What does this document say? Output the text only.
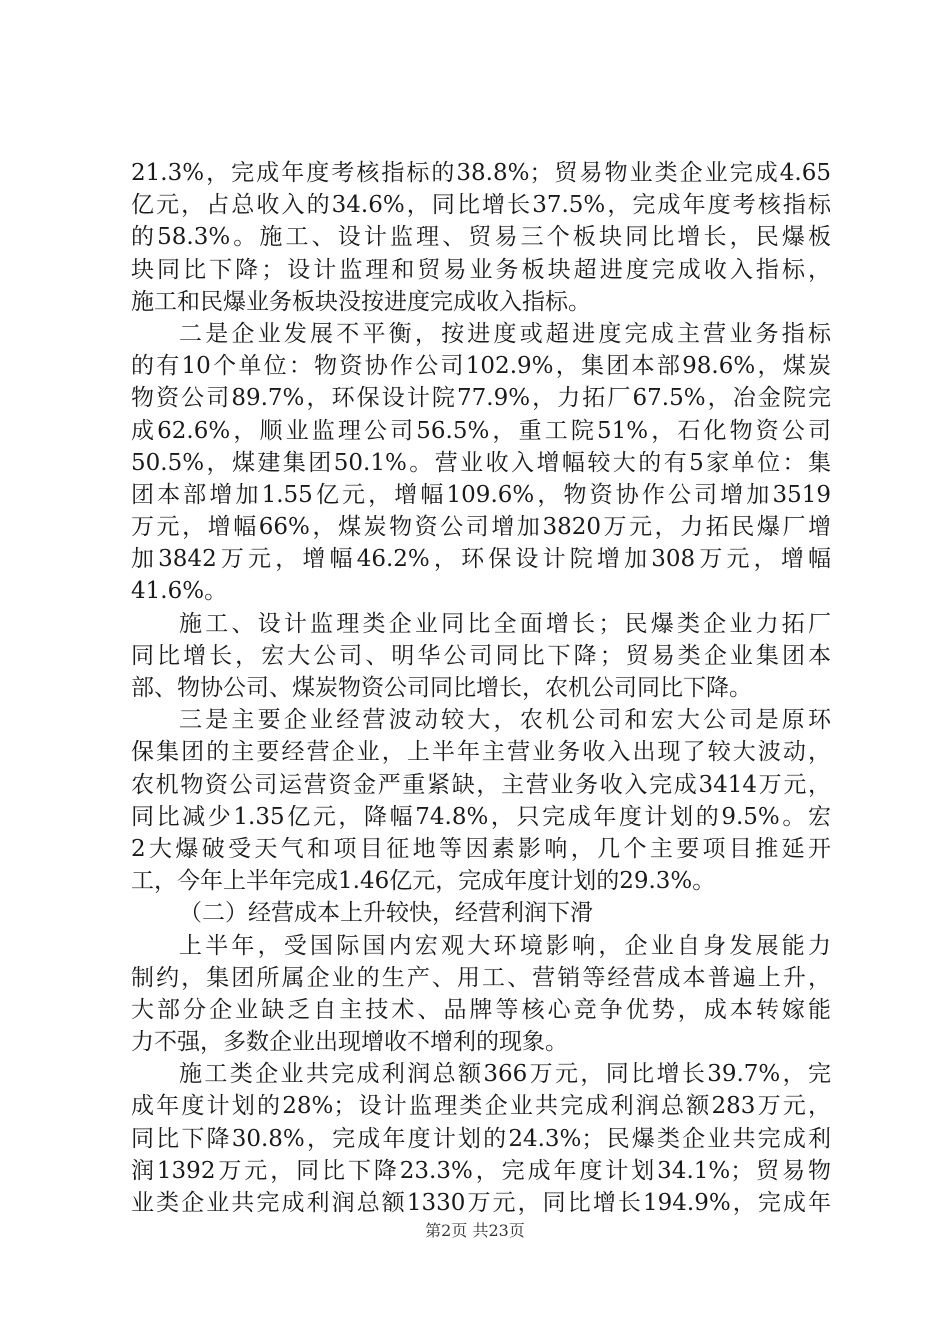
21.3%，完成年度考核指标的38.8%；贸易物业类企业完成4.65
亿元，占总收入的34.6%，同比增长37.5%，完成年度考核指标
的58.3%。施工、设计监理、贸易三个板块同比增长，民爆板
块同比下降；设计监理和贸易业务板块超进度完成收入指标，
施工和民爆业务板块没按进度完成收入指标。
二是企业发展不平衡，按进度或超进度完成主营业务指标
的有10个单位：物资协作公司102.9%，集团本部98.6%，煤炭
物资公司89.7%，环保设计院77.9%，力拓厂67.5%，冶金院完
成62.6%，顺业监理公司56.5%，重工院51%，石化物资公司
50.5%，煤建集团50.1%。营业收入增幅较大的有5家单位：集
团本部增加1.55亿元，增幅109.6%，物资协作公司增加3519
万元，增幅66%，煤炭物资公司增加3820万元，力拓民爆厂增
加3842万元，增幅46.2%，环保设计院增加308万元，增幅
41.6%。
施工、设计监理类企业同比全面增长；民爆类企业力拓厂
同比增长，宏大公司、明华公司同比下降；贸易类企业集团本
部、物协公司、煤炭物资公司同比增长，农机公司同比下降。
三是主要企业经营波动较大，农机公司和宏大公司是原环
保集团的主要经营企业，上半年主营业务收入出现了较大波动，
农机物资公司运营资金严重紧缺，主营业务收入完成3414万元，
同比减少1.35亿元，降幅74.8%，只完成年度计划的9.5%。宏
2大爆破受天气和项目征地等因素影响，几个主要项目推延开
工，今年上半年完成1.46亿元，完成年度计划的29.3%。
（二）经营成本上升较快，经营利润下滑
上半年，受国际国内宏观大环境影响，企业自身发展能力
制约，集团所属企业的生产、用工、营销等经营成本普遍上升，
大部分企业缺乏自主技术、品牌等核心竞争优势，成本转嫁能
力不强，多数企业出现增收不增利的现象。
施工类企业共完成利润总额366万元，同比增长39.7%，完
成年度计划的28%；设计监理类企业共完成利润总额283万元，
同比下降30.8%，完成年度计划的24.3%；民爆类企业共完成利
润1392万元，同比下降23.3%，完成年度计划34.1%；贸易物
业类企业共完成利润总额1330万元，同比增长194.9%，完成年
第2页 共23页
